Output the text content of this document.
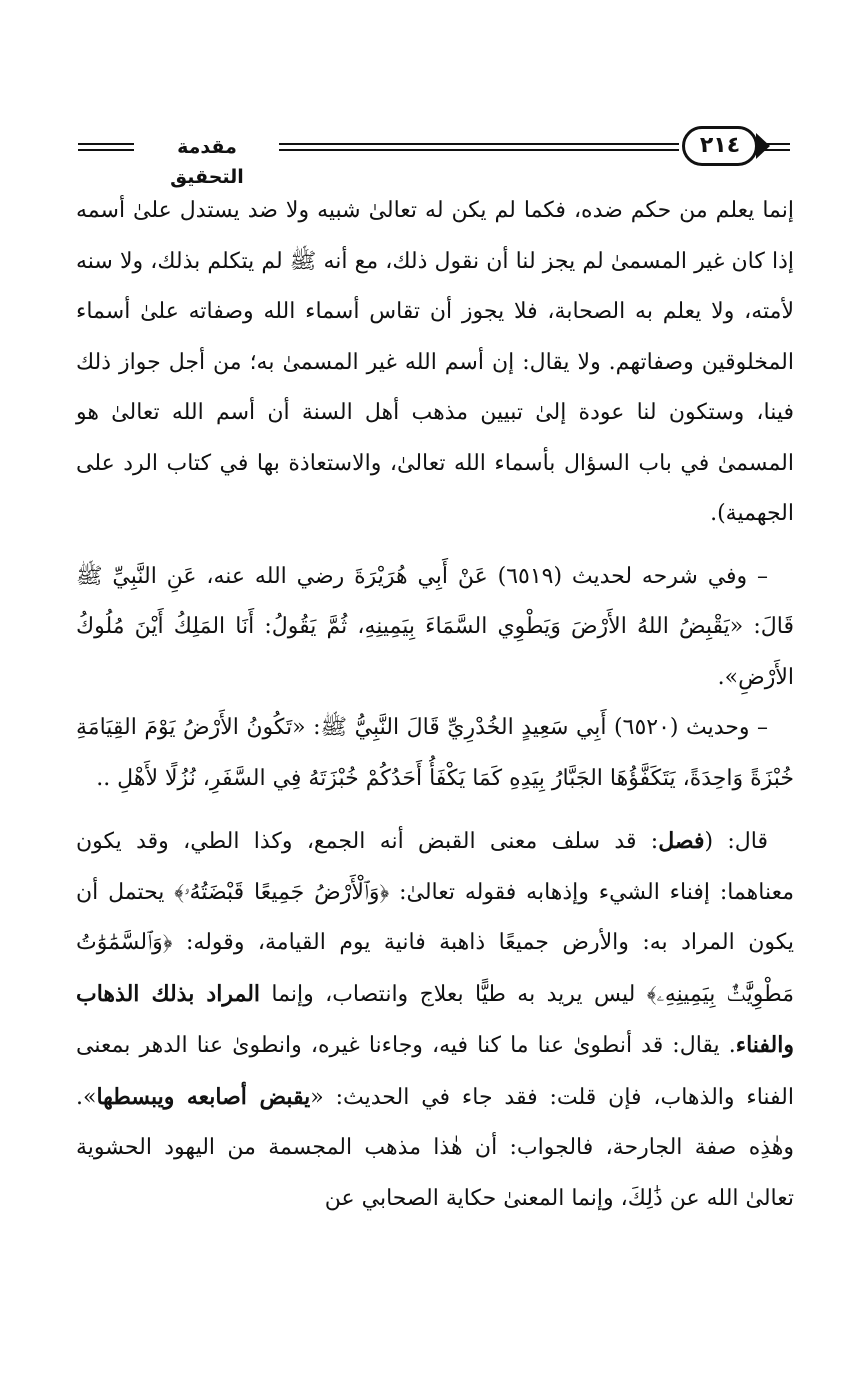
مقدمة التحقيق
٢١٤

إنما يعلم من حكم ضده، فكما لم يكن له تعالىٰ شبيه ولا ضد يستدل علىٰ أسمه إذا كان غير المسمىٰ لم يجز لنا أن نقول ذلك، مع أنه ﷺ لم يتكلم بذلك، ولا سنه لأمته، ولا يعلم به الصحابة، فلا يجوز أن تقاس أسماء الله وصفاته علىٰ أسماء المخلوقين وصفاتهم. ولا يقال: إن أسم الله غير المسمىٰ به؛ من أجل جواز ذلك فينا، وستكون لنا عودة إلىٰ تبيين مذهب أهل السنة أن أسم الله تعالىٰ هو المسمىٰ في باب السؤال بأسماء الله تعالىٰ، والاستعاذة بها في كتاب الرد على الجهمية).

– وفي شرحه لحديث (٦٥١٩) عَنْ أَبِي هُرَيْرَةَ رضي الله عنه، عَنِ النَّبِيِّ ﷺ قَالَ: «يَقْبِضُ اللهُ الأَرْضَ وَيَطْوِي السَّمَاءَ بِيَمِينِهِ، ثُمَّ يَقُولُ: أَنَا المَلِكُ أَيْنَ مُلُوكُ الأَرْضِ».

– وحديث (٦٥٢٠) أَبِي سَعِيدٍ الخُدْرِيِّ قَالَ النَّبِيُّ ﷺ: «تَكُونُ الأَرْضُ يَوْمَ القِيَامَةِ خُبْزَةً وَاحِدَةً، يَتَكَفَّؤُهَا الجَبَّارُ بِيَدِهِ كَمَا يَكْفَأُ أَحَدُكُمْ خُبْزَتَهُ فِي السَّفَرِ، نُزُلًا لأَهْلِ ..

قال: (فصل: قد سلف معنى القبض أنه الجمع، وكذا الطي، وقد يكون معناهما: إفناء الشيء وإذهابه فقوله تعالىٰ: ﴿وَٱلْأَرْضُ جَمِيعًا قَبْضَتُهُۥ﴾ يحتمل أن يكون المراد به: والأرض جميعًا ذاهبة فانية يوم القيامة، وقوله: ﴿وَٱلسَّمَٰوَٰتُ مَطْوِيَّٰتٌۢ بِيَمِينِهِۦ﴾ ليس يريد به طيًّا بعلاج وانتصاب، وإنما المراد بذلك الذهاب والفناء. يقال: قد أنطوىٰ عنا ما كنا فيه، وجاءنا غيره، وانطوىٰ عنا الدهر بمعنى الفناء والذهاب، فإن قلت: فقد جاء في الحديث: «يقبض أصابعه ويبسطها». وهٰذِه صفة الجارحة، فالجواب: أن هٰذا مذهب المجسمة من اليهود الحشوية تعالىٰ الله عن ذَٰلِكَ، وإنما المعنىٰ حكاية الصحابي عن
